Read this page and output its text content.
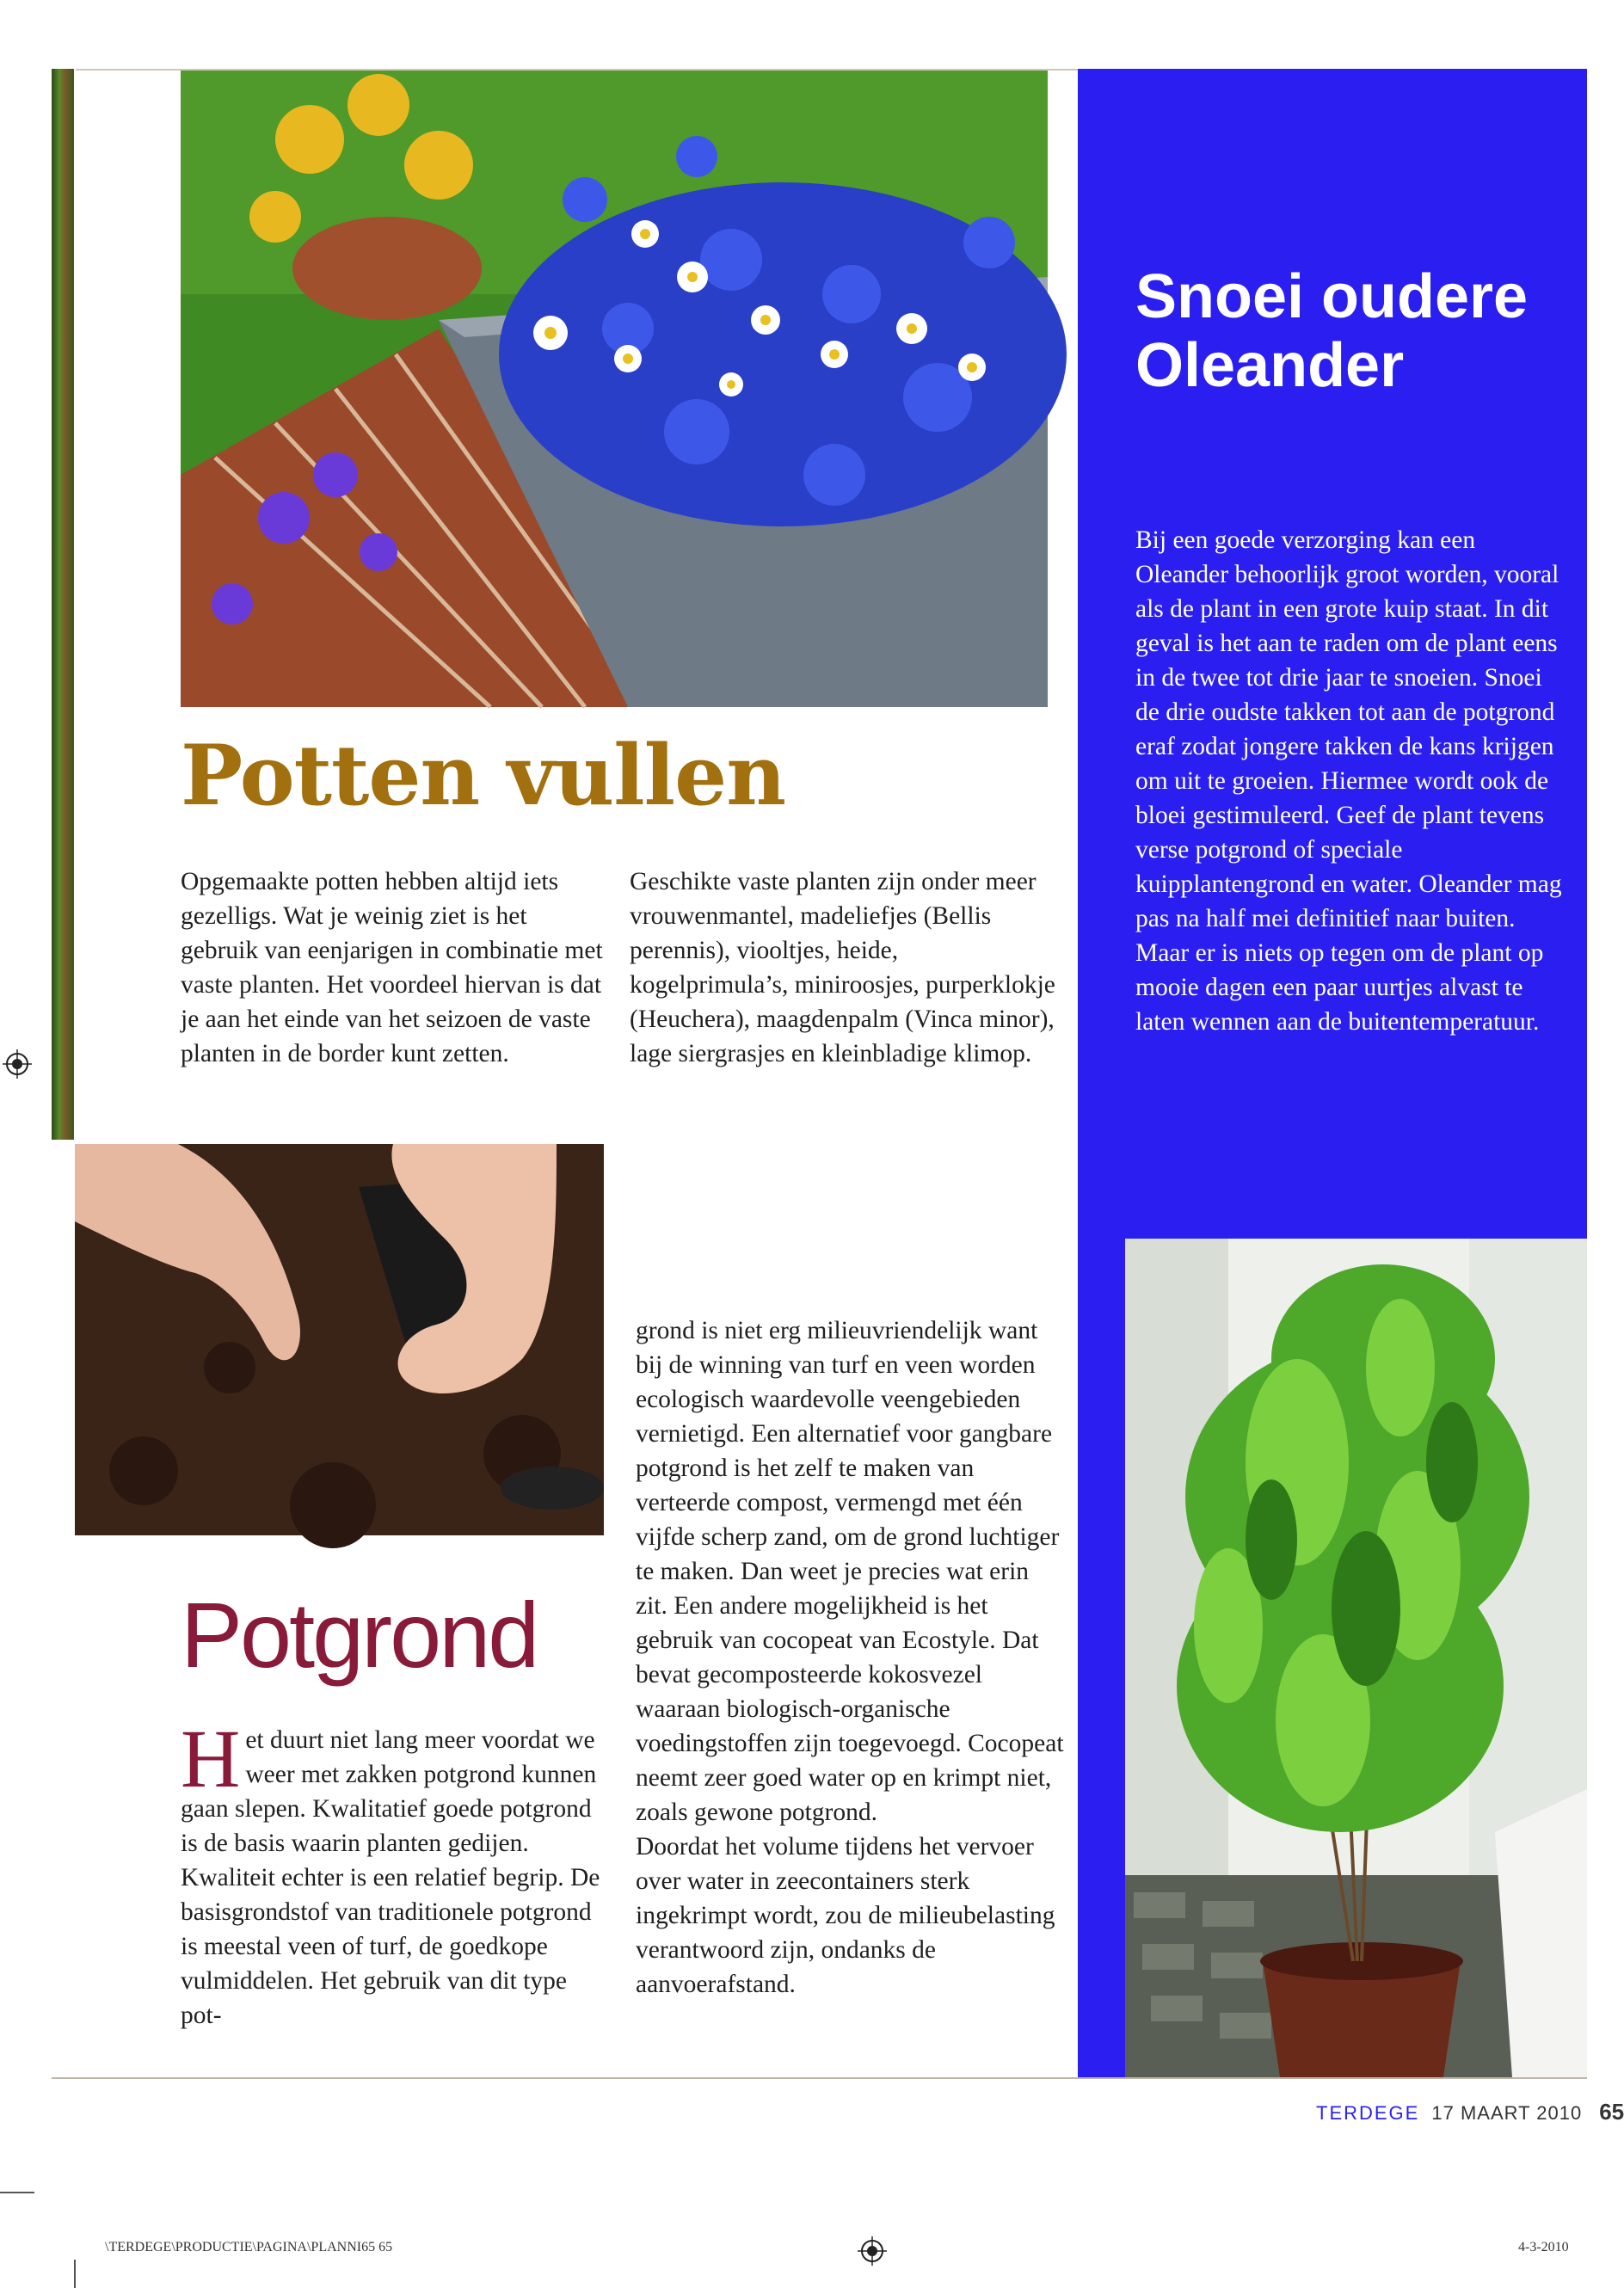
Potten vullen
Opgemaakte potten hebben altijd iets gezelligs. Wat je weinig ziet is het gebruik van eenjarigen in combinatie met vaste planten. Het voordeel hiervan is dat je aan het einde van het seizoen de vaste planten in de border kunt zetten.
Geschikte vaste planten zijn onder meer vrouwenmantel, madeliefjes (Bellis perennis), viooltjes, heide, kogelprimula’s, miniroosjes, purperklokje (Heuchera), maagdenpalm (Vinca minor), lage siergrasjes en kleinbladige klimop.
Potgrond
Het duurt niet lang meer voordat we weer met zakken potgrond kunnen gaan slepen. Kwalitatief goede potgrond is de basis waarin planten gedijen. Kwaliteit echter is een relatief begrip. De basisgrondstof van traditionele potgrond is meestal veen of turf, de goedkope vulmiddelen. Het gebruik van dit type pot-
grond is niet erg milieuvriendelijk want bij de winning van turf en veen worden ecologisch waardevolle veengebieden vernietigd. Een alternatief voor gangbare potgrond is het zelf te maken van verteerde compost, vermengd met één vijfde scherp zand, om de grond luchtiger te maken. Dan weet je precies wat erin zit. Een andere mogelijkheid is het gebruik van cocopeat van Ecostyle. Dat bevat gecomposteerde kokosvezel waaraan biologisch-organische voedingstoffen zijn toegevoegd. Cocopeat neemt zeer goed water op en krimpt niet, zoals gewone potgrond.
Doordat het volume tijdens het vervoer over water in zeecontainers sterk ingekrimpt wordt, zou de milieubelasting verantwoord zijn, ondanks de aanvoerafstand.
Snoei oudere Oleander
Bij een goede verzorging kan een Oleander behoorlijk groot worden, vooral als de plant in een grote kuip staat. In dit geval is het aan te raden om de plant eens in de twee tot drie jaar te snoeien. Snoei de drie oudste takken tot aan de potgrond eraf zodat jongere takken de kans krijgen om uit te groeien. Hiermee wordt ook de bloei gestimuleerd. Geef de plant tevens verse potgrond of speciale kuipplantengrond en water. Oleander mag pas na half mei definitief naar buiten. Maar er is niets op tegen om de plant op mooie dagen een paar uurtjes alvast te laten wennen aan de buitentemperatuur.
TERDEGE 17 MAART 2010 65
\TERDEGE\PRODUCTIE\PAGINA\PLANNI65 65	4-3-2010
